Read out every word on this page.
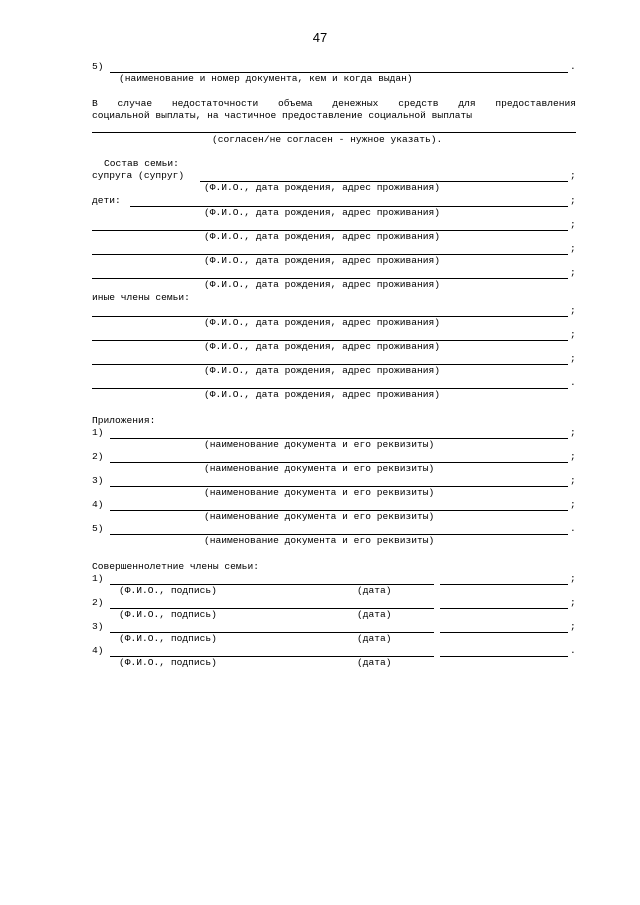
47
5)	.
(наименование и номер документа, кем и когда выдан)
В случае недостаточности объема денежных средств для предоставления
социальной выплаты, на частичное предоставление социальной выплаты
(согласен/не согласен - нужное указать).
Состав семьи:
супруга (супруг)	;
(Ф.И.О., дата рождения, адрес проживания)
дети:	;
(Ф.И.О., дата рождения, адрес проживания)
;
(Ф.И.О., дата рождения, адрес проживания)
;
(Ф.И.О., дата рождения, адрес проживания)
;
(Ф.И.О., дата рождения, адрес проживания)
иные члены семьи:
;
(Ф.И.О., дата рождения, адрес проживания)
;
(Ф.И.О., дата рождения, адрес проживания)
;
(Ф.И.О., дата рождения, адрес проживания)
.
(Ф.И.О., дата рождения, адрес проживания)
Приложения:
1)	;
(наименование документа и его реквизиты)
2)	;
(наименование документа и его реквизиты)
3)	;
(наименование документа и его реквизиты)
4)	;
(наименование документа и его реквизиты)
5)	.
(наименование документа и его реквизиты)
Совершеннолетние члены семьи:
1)	;
(Ф.И.О., подпись)	(дата)
2)	;
(Ф.И.О., подпись)	(дата)
3)	;
(Ф.И.О., подпись)	(дата)
4)	.
(Ф.И.О., подпись)	(дата)
